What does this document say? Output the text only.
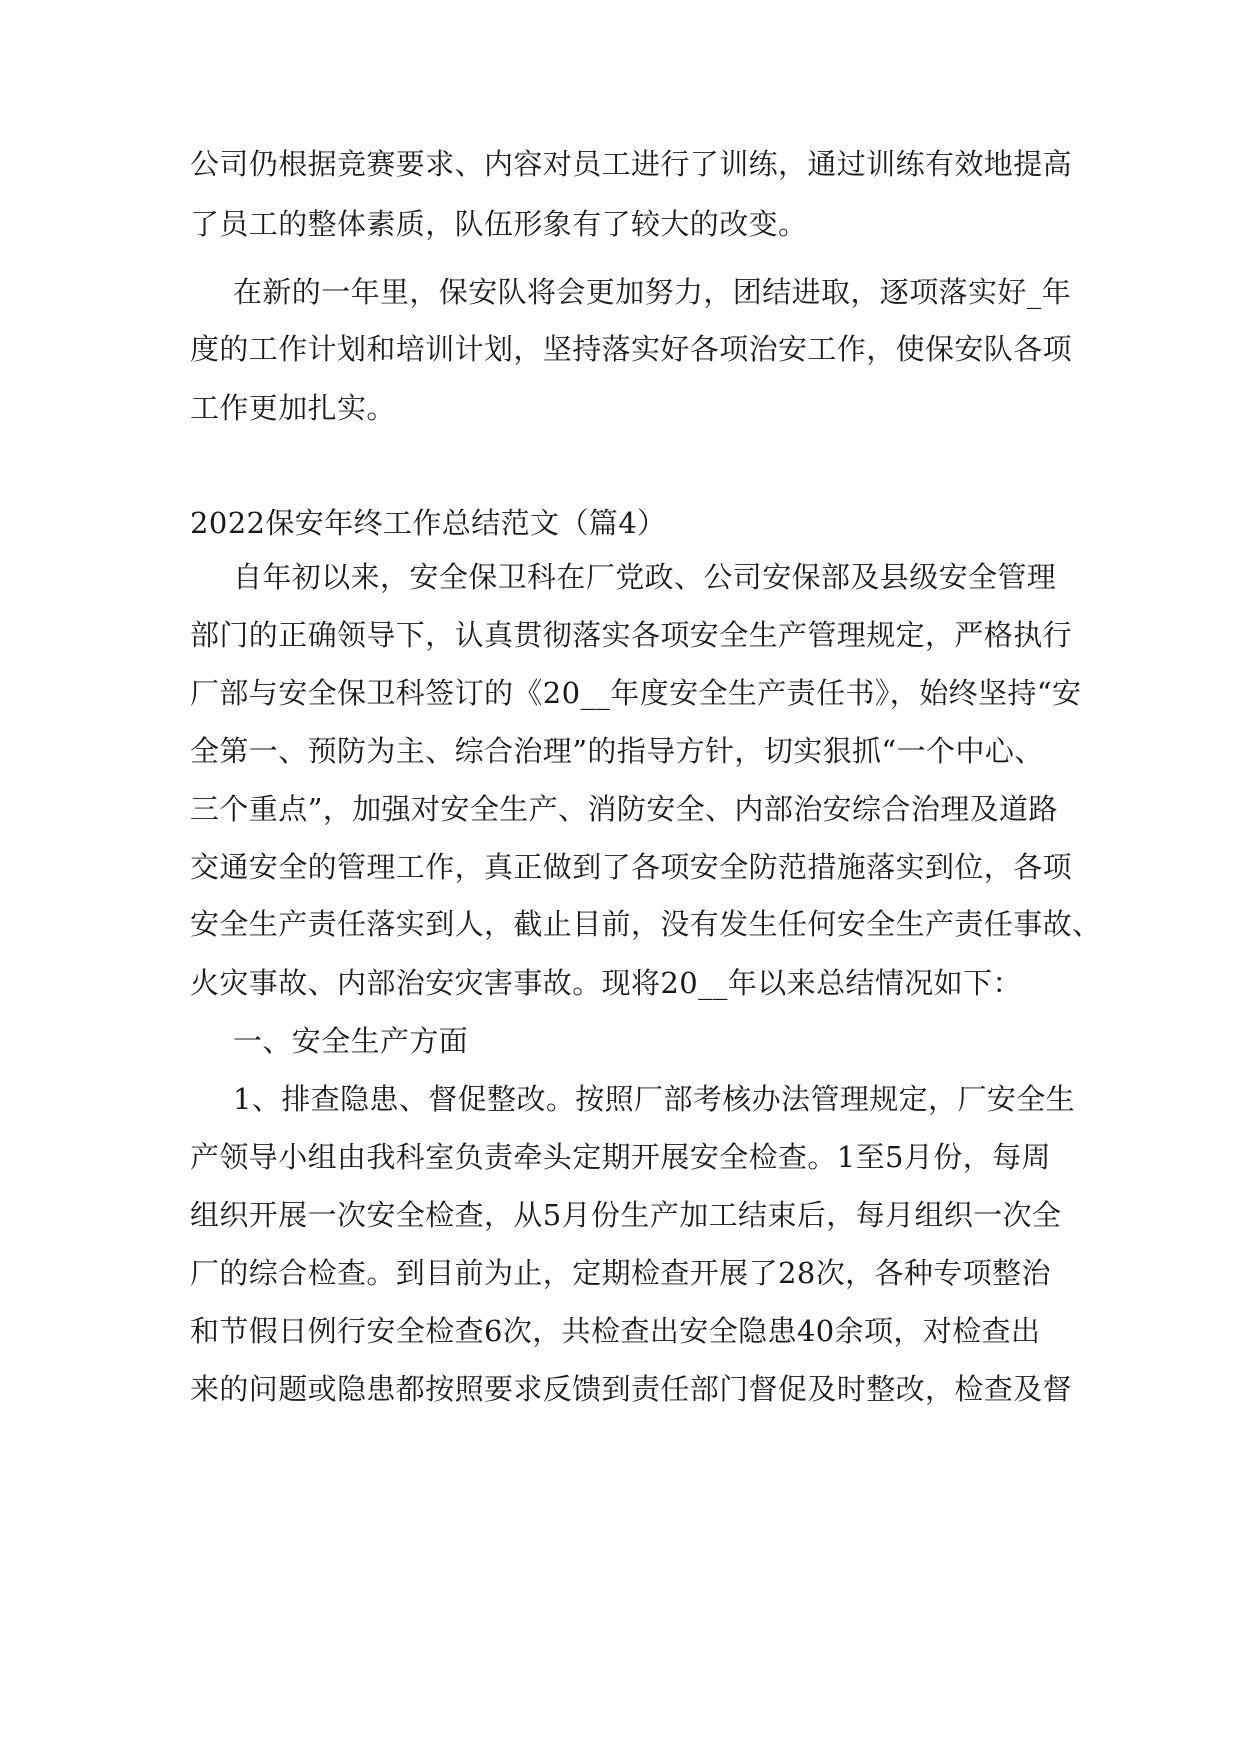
公司仍根据竞赛要求、内容对员工进行了训练，通过训练有效地提高
了员工的整体素质，队伍形象有了较大的改变。
在新的一年里，保安队将会更加努力，团结进取，逐项落实好_年
度的工作计划和培训计划，坚持落实好各项治安工作，使保安队各项
工作更加扎实。
2022保安年终工作总结范文（篇4）
自年初以来，安全保卫科在厂党政、公司安保部及县级安全管理
部门的正确领导下，认真贯彻落实各项安全生产管理规定，严格执行
厂部与安全保卫科签订的《20__年度安全生产责任书》，始终坚持“安
全第一、预防为主、综合治理”的指导方针，切实狠抓“一个中心、
三个重点”，加强对安全生产、消防安全、内部治安综合治理及道路
交通安全的管理工作，真正做到了各项安全防范措施落实到位，各项
安全生产责任落实到人，截止目前，没有发生任何安全生产责任事故、
火灾事故、内部治安灾害事故。现将20__年以来总结情况如下：
一、安全生产方面
1、排查隐患、督促整改。按照厂部考核办法管理规定，厂安全生
产领导小组由我科室负责牵头定期开展安全检查。1至5月份，每周
组织开展一次安全检查，从5月份生产加工结束后，每月组织一次全
厂的综合检查。到目前为止，定期检查开展了28次，各种专项整治
和节假日例行安全检查6次，共检查出安全隐患40余项，对检查出
来的问题或隐患都按照要求反馈到责任部门督促及时整改，检查及督
